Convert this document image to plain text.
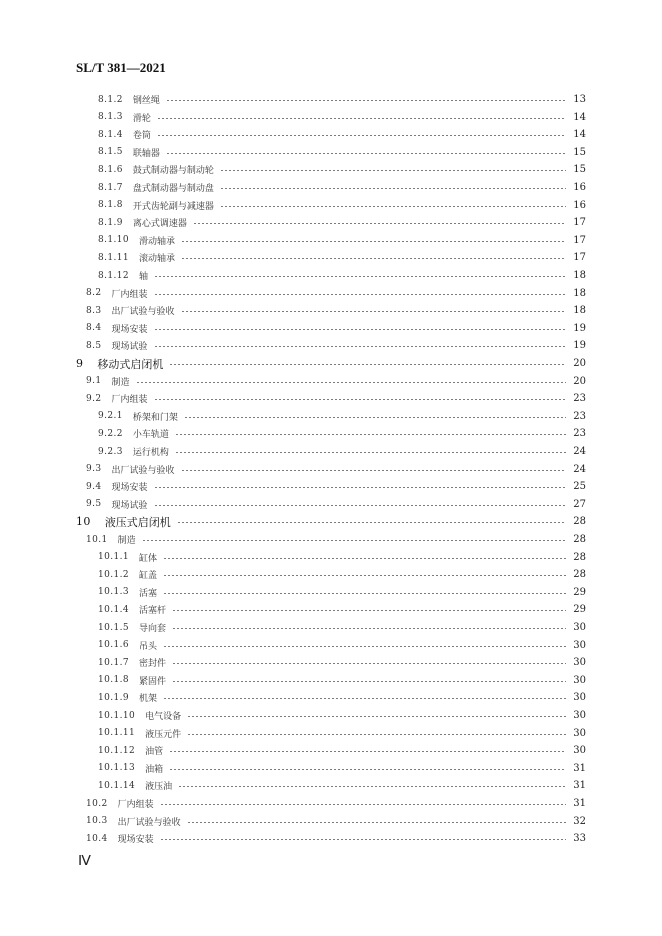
SL/T 381—2021
8.1.2 钢丝绳	13
8.1.3 滑轮	14
8.1.4 卷筒	14
8.1.5 联轴器	15
8.1.6 鼓式制动器与制动轮	15
8.1.7 盘式制动器与制动盘	16
8.1.8 开式齿轮副与减速器	16
8.1.9 离心式调速器	17
8.1.10 滑动轴承	17
8.1.11 滚动轴承	17
8.1.12 轴	18
8.2 厂内组装	18
8.3 出厂试验与验收	18
8.4 现场安装	19
8.5 现场试验	19
9 移动式启闭机	20
9.1 制造	20
9.2 厂内组装	23
9.2.1 桥架和门架	23
9.2.2 小车轨道	23
9.2.3 运行机构	24
9.3 出厂试验与验收	24
9.4 现场安装	25
9.5 现场试验	27
10 液压式启闭机	28
10.1 制造	28
10.1.1 缸体	28
10.1.2 缸盖	28
10.1.3 活塞	29
10.1.4 活塞杆	29
10.1.5 导向套	30
10.1.6 吊头	30
10.1.7 密封件	30
10.1.8 紧固件	30
10.1.9 机架	30
10.1.10 电气设备	30
10.1.11 液压元件	30
10.1.12 油管	30
10.1.13 油箱	31
10.1.14 液压油	31
10.2 厂内组装	31
10.3 出厂试验与验收	32
10.4 现场安装	33
Ⅳ
